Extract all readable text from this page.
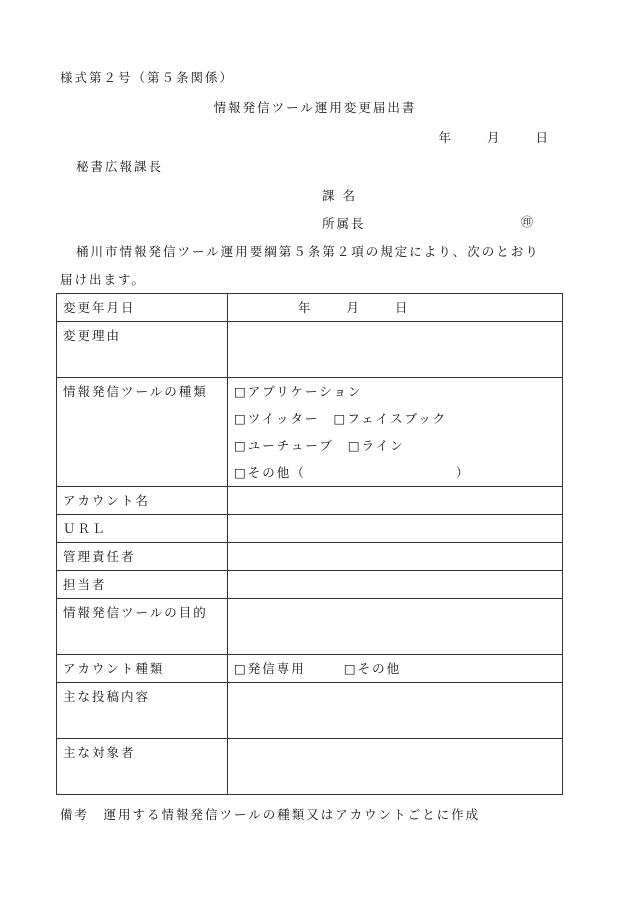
様式第２号（第５条関係）
情報発信ツール運用変更届出書
年	月	日
秘書広報課長
課 名
所属長	㊞
桶川市情報発信ツール運用要綱第５条第２項の規定により、次のとおり
届け出ます。
変更年月日	年 月 日
変更理由	
情報発信ツールの種類	□アプリケーション
□ツイッター □フェイスブック
□ユーチューブ □ライン
□その他（ ）

アカウント名	
ＵＲＬ	
管理責任者	
担当者	
情報発信ツールの目的	
アカウント種類	□発信専用 □その他
主な投稿内容	
主な対象者	
備考　運用する情報発信ツールの種類又はアカウントごとに作成
